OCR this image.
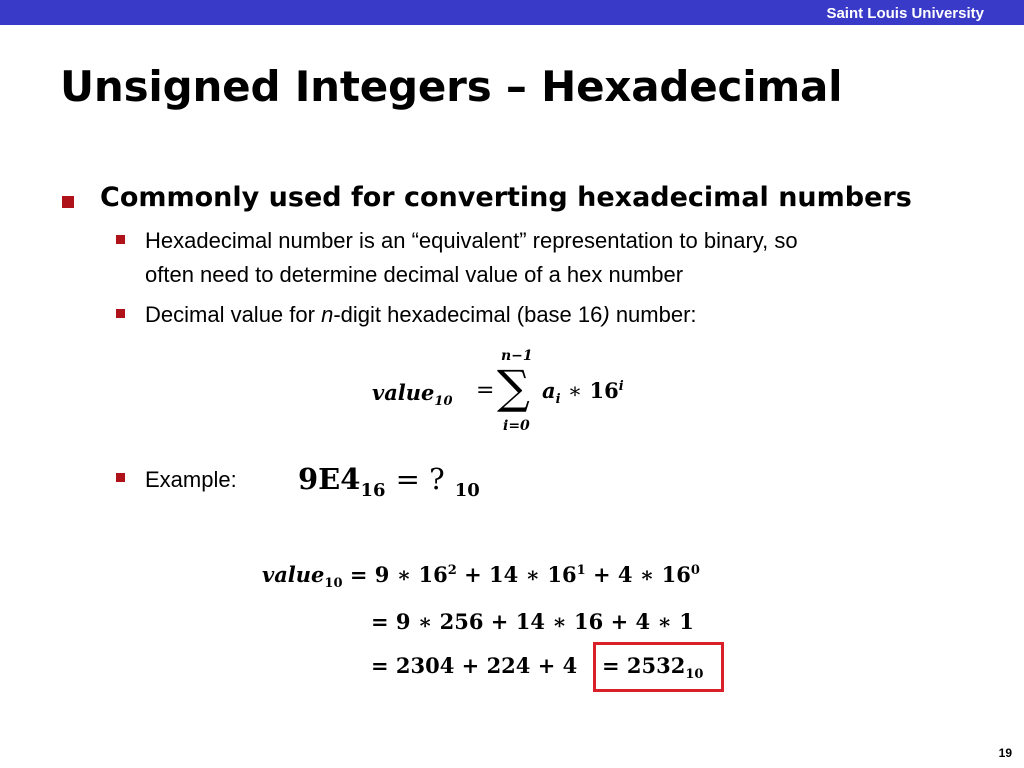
Saint Louis University
Unsigned Integers – Hexadecimal
Commonly used for converting hexadecimal numbers
Hexadecimal number is an “equivalent” representation to binary, so
often need to determine decimal value of a hex number
Decimal value for n-digit hexadecimal (base 16) number:
value$_{10}$ =
n−1
∑
i=0
$a_i$ ∗ 16$^i$
Example: $9E4_{16}$ = ? $_{10}$
value$_{10}$ = 9 ∗ $16^2 + 14$ ∗ $16^1 + 4$ ∗ $16^0$
= 9 ∗ 256 + 14 ∗ 16 + 4 ∗ 1
= $2304 + 224 + 4 = 2532_{10}$
19
